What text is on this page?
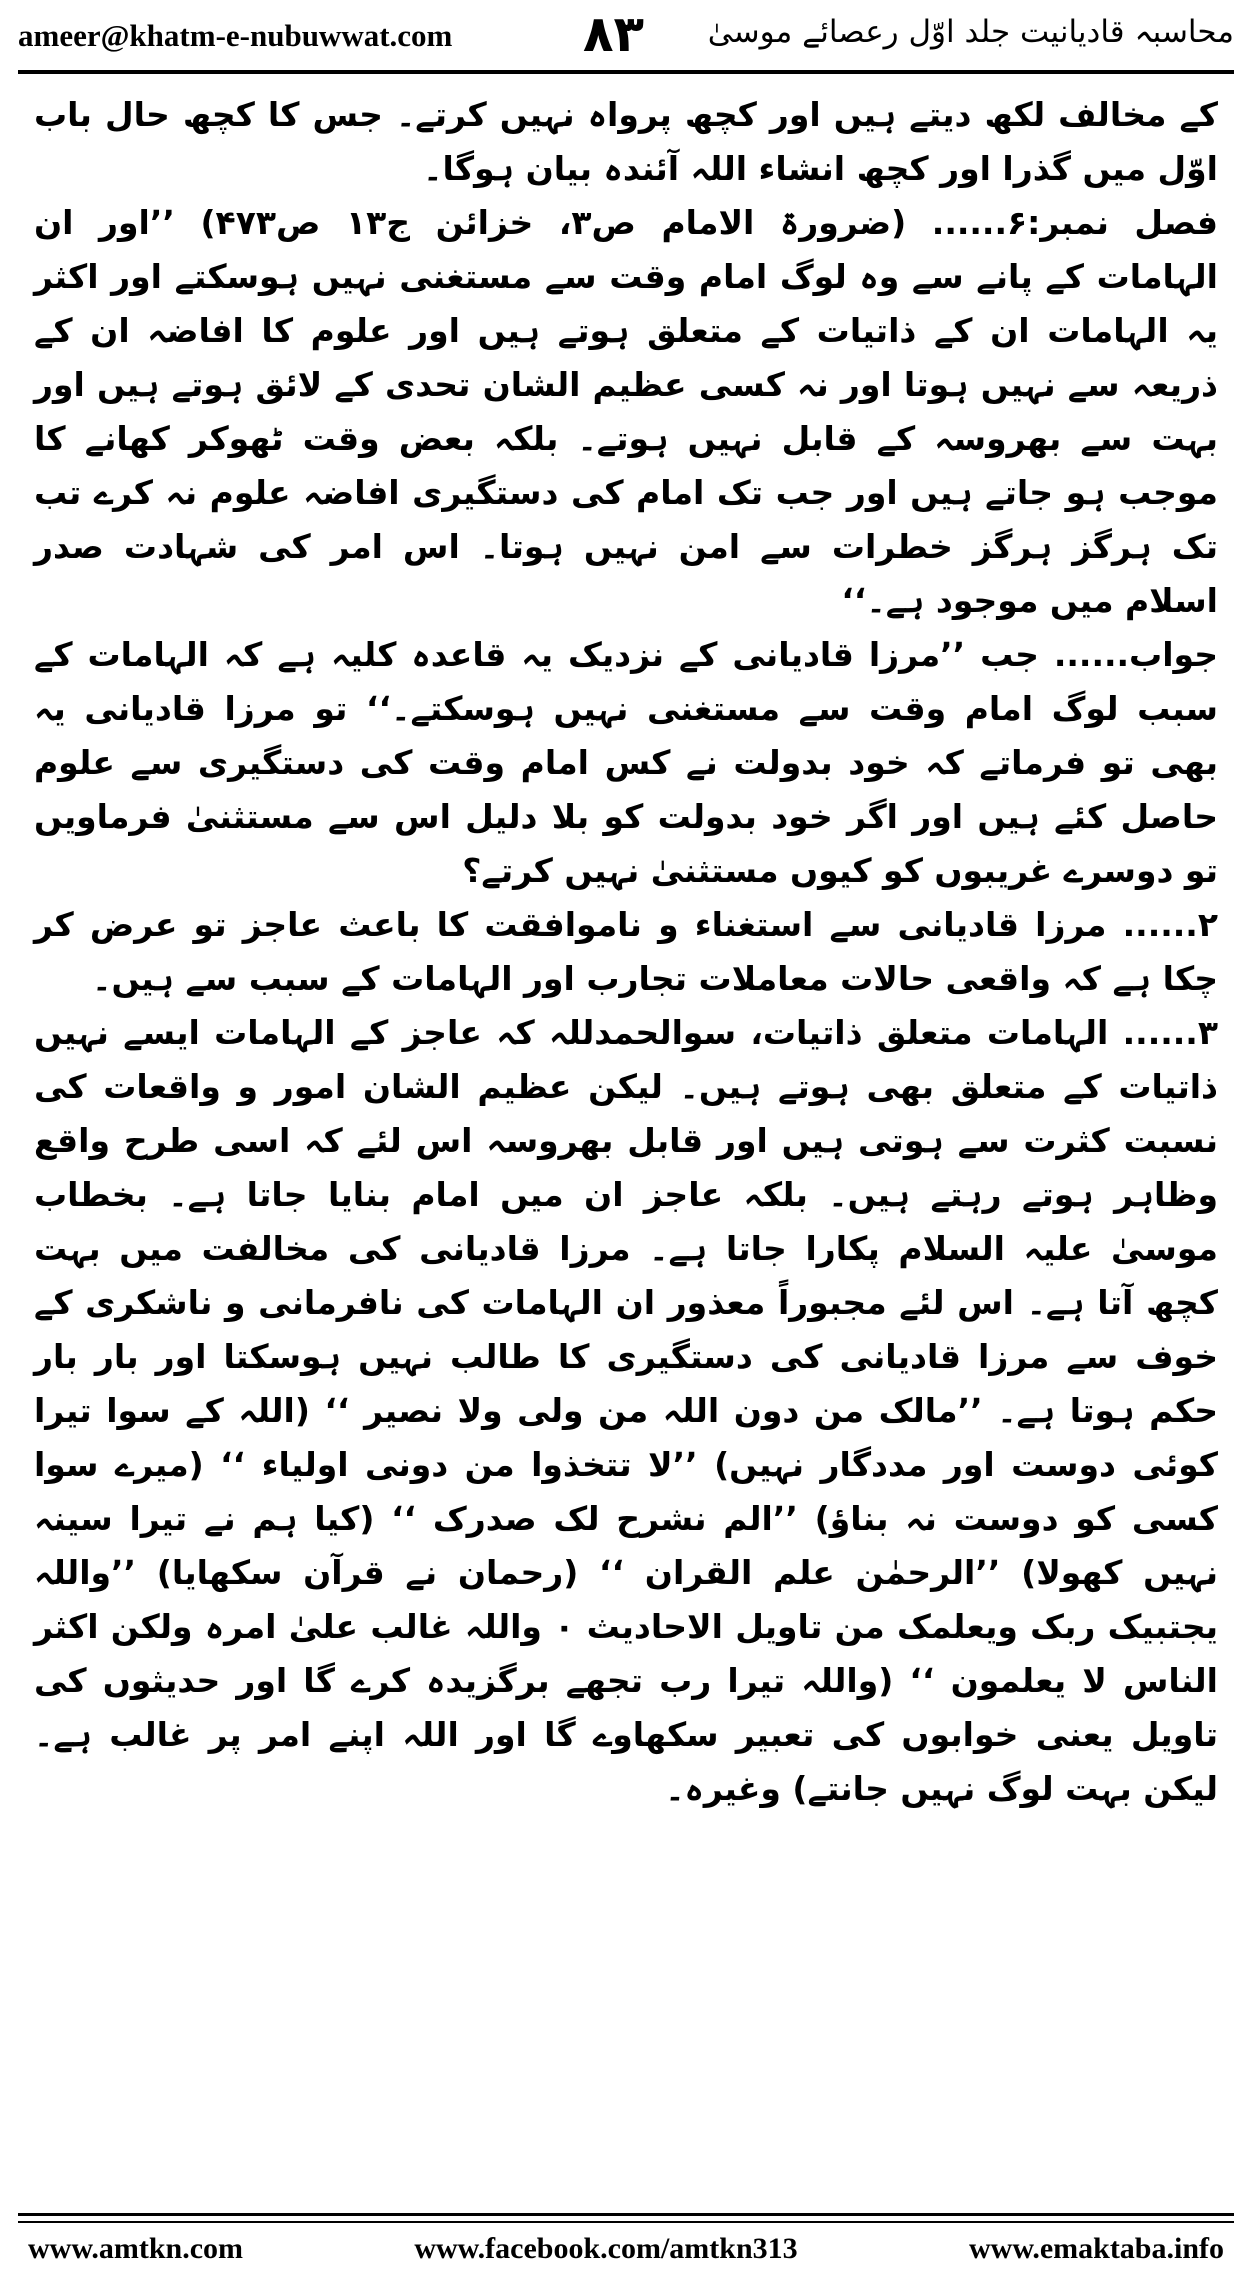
ameer@khatm-e-nubuwwat.com	۸۳ محاسبہ قادیانیت جلد اوّل رعصائے موسیٰ

کے مخالف لکھ دیتے ہیں اور کچھ پرواہ نہیں کرتے۔ جس کا کچھ حال باب اوّل میں گذرا اور کچھ انشاء اللہ آئندہ بیان ہوگا۔

فصل نمبر:۶...... (ضرورۃ الامام ص۳، خزائن ج۱۳ ص۴۷۳) ’’اور ان الہامات کے پانے سے وہ لوگ امام وقت سے مستغنی نہیں ہوسکتے اور اکثر یہ الہامات ان کے ذاتیات کے متعلق ہوتے ہیں اور علوم کا افاضہ ان کے ذریعہ سے نہیں ہوتا اور نہ کسی عظیم الشان تحدی کے لائق ہوتے ہیں اور بہت سے بھروسہ کے قابل نہیں ہوتے۔ بلکہ بعض وقت ٹھوکر کھانے کا موجب ہو جاتے ہیں اور جب تک امام کی دستگیری افاضہ علوم نہ کرے تب تک ہرگز ہرگز خطرات سے امن نہیں ہوتا۔ اس امر کی شہادت صدر اسلام میں موجود ہے۔‘‘

جواب...... جب ’’مرزا قادیانی کے نزدیک یہ قاعدہ کلیہ ہے کہ الہامات کے سبب لوگ امام وقت سے مستغنی نہیں ہوسکتے۔‘‘ تو مرزا قادیانی یہ بھی تو فرماتے کہ خود بدولت نے کس امام وقت کی دستگیری سے علوم حاصل کئے ہیں اور اگر خود بدولت کو بلا دلیل اس سے مستثنیٰ فرماویں تو دوسرے غریبوں کو کیوں مستثنیٰ نہیں کرتے؟

۲...... مرزا قادیانی سے استغناء و ناموافقت کا باعث عاجز تو عرض کر چکا ہے کہ واقعی حالات معاملات تجارب اور الہامات کے سبب سے ہیں۔

۳...... الہامات متعلق ذاتیات، سوالحمدللہ کہ عاجز کے الہامات ایسے نہیں ذاتیات کے متعلق بھی ہوتے ہیں۔ لیکن عظیم الشان امور و واقعات کی نسبت کثرت سے ہوتی ہیں اور قابل بھروسہ اس لئے کہ اسی طرح واقع وظاہر ہوتے رہتے ہیں۔ بلکہ عاجز ان میں امام بنایا جاتا ہے۔ بخطاب موسیٰ علیہ السلام پکارا جاتا ہے۔ مرزا قادیانی کی مخالفت میں بہت کچھ آتا ہے۔ اس لئے مجبوراً معذور ان الہامات کی نافرمانی و ناشکری کے خوف سے مرزا قادیانی کی دستگیری کا طالب نہیں ہوسکتا اور بار بار حکم ہوتا ہے۔ ’’مالک من دون اللہ من ولی ولا نصیر ‘‘ (اللہ کے سوا تیرا کوئی دوست اور مددگار نہیں) ’’لا تتخذوا من دونی اولیاء ‘‘ (میرے سوا کسی کو دوست نہ بناؤ) ’’الم نشرح لک صدرک ‘‘ (کیا ہم نے تیرا سینہ نہیں کھولا) ’’الرحمٰن علم القران ‘‘ (رحمان نے قرآن سکھایا) ’’واللہ یجتبیک ربک ویعلمک من تاویل الاحادیث ۰ واللہ غالب علیٰ امرہ ولکن اکثر الناس لا یعلمون ‘‘ (واللہ تیرا رب تجھے برگزیدہ کرے گا اور حدیثوں کی تاویل یعنی خوابوں کی تعبیر سکھاوے گا اور اللہ اپنے امر پر غالب ہے۔ لیکن بہت لوگ نہیں جانتے) وغیرہ۔

www.amtkn.com	www.facebook.com/amtkn313	www.emaktaba.info
